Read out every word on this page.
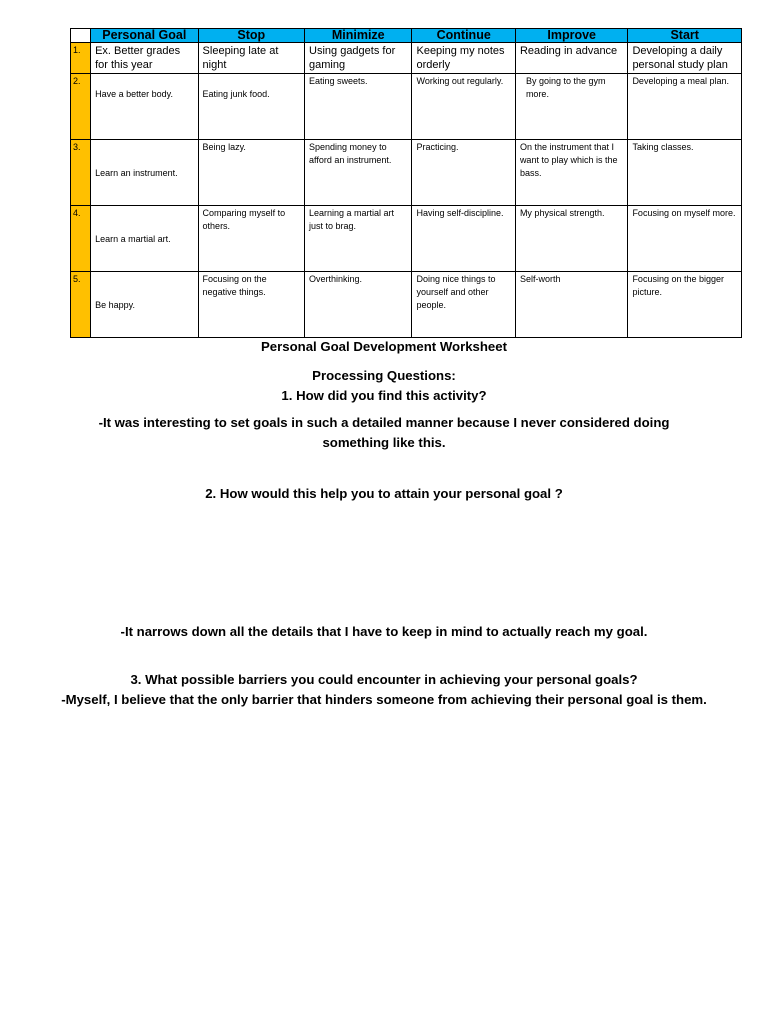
	Personal Goal	Stop	Minimize	Continue	Improve	Start
1.	Ex. Better grades for this year	Sleeping late at night	Using gadgets for gaming	Keeping my notes orderly	Reading in advance	Developing a daily personal study plan
2.	Have a better body.	Eating junk food.	Eating sweets.	Working out regularly.	By going to the gym more.	Developing a meal plan.
3.	Learn an instrument.	Being lazy.	Spending money to afford an instrument.	Practicing.	On the instrument that I want to play which is the bass.	Taking classes.
4.	Learn a martial art.	Comparing myself to others.	Learning a martial art just to brag.	Having self-discipline.	My physical strength.	Focusing on myself more.
5.	Be happy.	Focusing on the negative things.	Overthinking.	Doing nice things to yourself and other people.	Self-worth	Focusing on the bigger picture.
Personal Goal Development Worksheet
Processing Questions:
1. How did you find this activity?
-It was interesting to set goals in such a detailed manner because I never considered doing something like this.
2. How would this help you to attain your personal goal ?
-It narrows down all the details that I have to keep in mind to actually reach my goal.
3. What possible barriers you could encounter in achieving your personal goals?
-Myself, I believe that the only barrier that hinders someone from achieving their personal goal is them.
